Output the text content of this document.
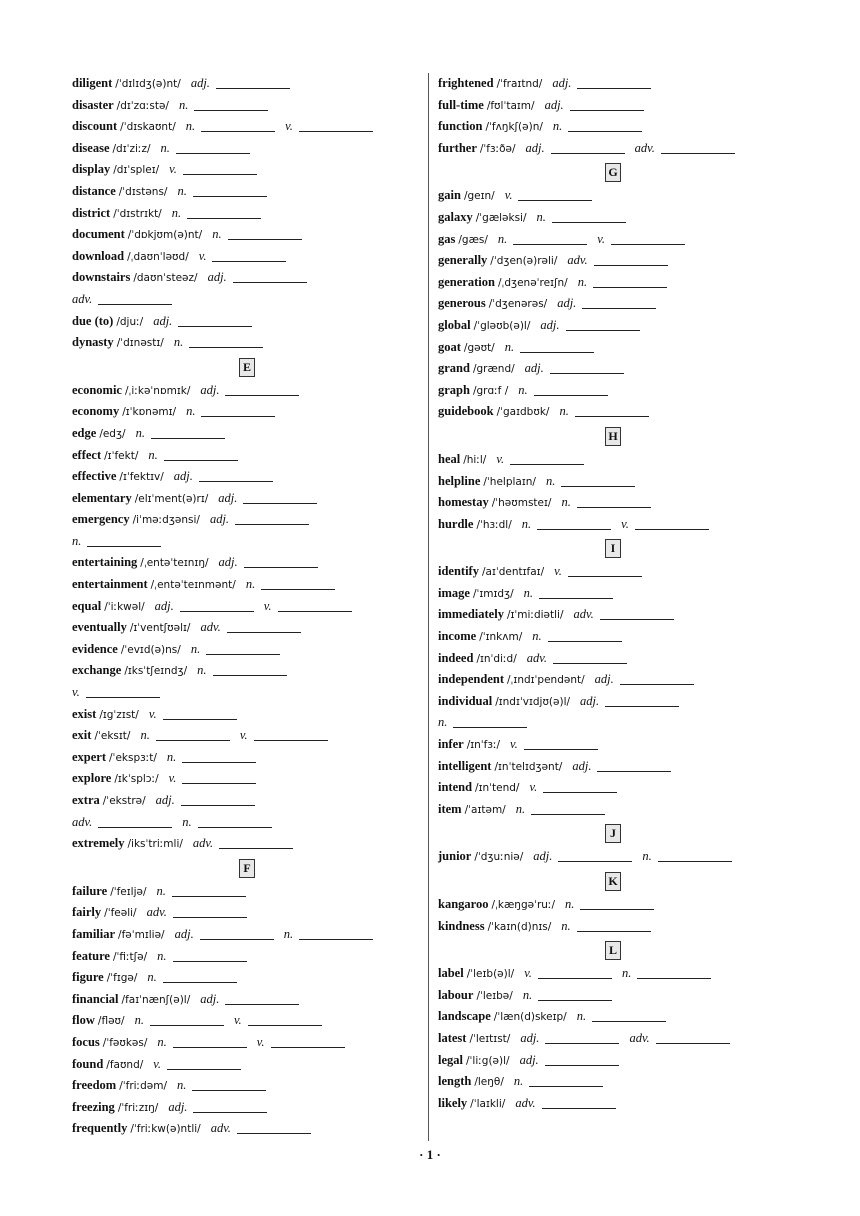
diligent /ˈdɪlɪdʒ(ə)nt/ adj.
disaster /dɪˈzɑːstə/ n.
discount /ˈdɪskaʊnt/ n.	v.
disease /dɪˈziːz/ n.
display /dɪˈspleɪ/ v.
distance /ˈdɪstəns/ n.
district /ˈdɪstrɪkt/ n.
document /ˈdɒkjʊm(ə)nt/ n.
download /ˌdaʊnˈləʊd/ v.
downstairs /daʊnˈsteəz/ adj.
adv.
due (to) /djuː/ adj.
dynasty /ˈdɪnəstɪ/ n.
E
economic /ˌiːkəˈnɒmɪk/ adj.
economy /ɪˈkɒnəmɪ/ n.
edge /edʒ/ n.
effect /ɪˈfekt/ n.
effective /ɪˈfektɪv/ adj.
elementary /elɪˈment(ə)rɪ/ adj.
emergency /iˈməːdʒənsi/ adj.
n.
entertaining /ˌentəˈteɪnɪŋ/ adj.
entertainment /ˌentəˈteɪnmənt/ n.
equal /ˈiːkwəl/ adj.	v.
eventually /ɪˈventʃʊəlɪ/ adv.
evidence /ˈevɪd(ə)ns/ n.
exchange /ɪksˈtʃeɪndʒ/ n.
v.
exist /ɪgˈzɪst/ v.
exit /ˈeksɪt/ n.	v.
expert /ˈekspɜːt/ n.
explore /ɪkˈsplɔː/ v.
extra /ˈekstrə/ adj.
adv.	n.
extremely /iksˈtriːmli/ adv.
F
failure /ˈfeɪljə/ n.
fairly /ˈfeəli/ adv.
familiar /fəˈmɪliə/ adj.	n.
feature /ˈfiːtʃə/ n.
figure /ˈfɪgə/ n.
financial /faɪˈnænʃ(ə)l/ adj.
flow /fləʊ/ n.	v.
focus /ˈfəʊkəs/ n.	v.
found /faʊnd/ v.
freedom /ˈfriːdəm/ n.
freezing /ˈfriːzɪŋ/ adj.
frequently /ˈfriːkw(ə)ntli/ adv.
frightened /ˈfraɪtnd/ adj.
full-time /fʊlˈtaɪm/ adj.
function /ˈfʌŋkʃ(ə)n/ n.
further /ˈfɜːðə/ adj.	adv.
G
gain /geɪn/ v.
galaxy /ˈgæləksi/ n.
gas /gæs/ n.	v.
generally /ˈdʒen(ə)rəli/ adv.
generation /ˌdʒenəˈreɪʃn/ n.
generous /ˈdʒenərəs/ adj.
global /ˈgləʊb(ə)l/ adj.
goat /gəʊt/ n.
grand /grænd/ adj.
graph /grɑːf / n.
guidebook /ˈgaɪdbʊk/ n.
H
heal /hiːl/ v.
helpline /ˈhelplaɪn/ n.
homestay /ˈhəʊmsteɪ/ n.
hurdle /ˈhɜːdl/ n.	v.
I
identify /aɪˈdentɪfaɪ/ v.
image /ˈɪmɪdʒ/ n.
immediately /ɪˈmiːdiətli/ adv.
income /ˈɪnkʌm/ n.
indeed /ɪnˈdiːd/ adv.
independent /ˌɪndɪˈpendənt/ adj.
individual /ɪndɪˈvɪdjʊ(ə)l/ adj.
n.
infer /ɪnˈfɜː/ v.
intelligent /ɪnˈtelɪdʒənt/ adj.
intend /ɪnˈtend/ v.
item /ˈaɪtəm/ n.
J
junior /ˈdʒuːniə/ adj.	n.
K
kangaroo /ˌkæŋgəˈruː/ n.
kindness /ˈkaɪn(d)nɪs/ n.
L
label /ˈleɪb(ə)l/ v.	n.
labour /ˈleɪbə/ n.
landscape /ˈlæn(d)skeɪp/ n.
latest /ˈleɪtɪst/ adj.	adv.
legal /ˈliːg(ə)l/ adj.
length /leŋθ/ n.
likely /ˈlaɪkli/ adv.
· 1 ·
